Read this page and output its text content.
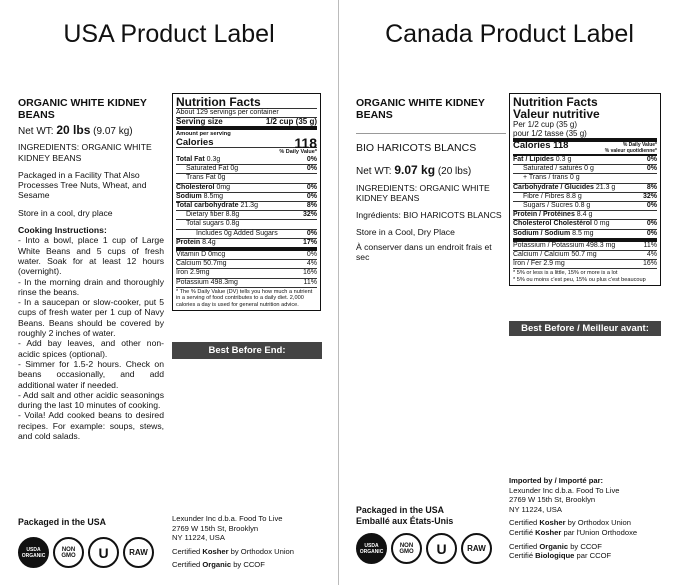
USA Product Label
ORGANIC WHITE KIDNEY BEANS
Net WT: 20 lbs (9.07 kg)
INGREDIENTS: ORGANIC WHITE KIDNEY BEANS
Packaged in a Facility That Also Processes Tree Nuts, Wheat, and Sesame
Store in a cool, dry place
Cooking Instructions:

- Into a bowl, place 1 cup of Large White Beans and 5 cups of fresh water. Soak for at least 12 hours (overnight).

- In the morning drain and thoroughly rinse the beans.

- In a saucepan or slow-cooker, put 5 cups of fresh water per 1 cup of Navy Beans. Beans should be covered by roughly 2 inches of water.

- Add bay leaves, and other non-acidic spices (optional).

- Simmer for 1.5-2 hours. Check on beans occasionally, and add additional water if needed.

- Add salt and other acidic seasonings during the last 10 minutes of cooking.

- Voila! Add cooked beans to desired recipes. For example: soups, stews, and cold salads.

Nutrition Facts
About 129 servings per container
Serving size	1/2 cup (35 g)
Amount per serving
Calories	118
% Daily Value*
Total Fat 0.3g	0%
Saturated Fat 0g	0%
Trans Fat 0g
Cholesterol 0mg	0%
Sodium 8.5mg	0%
Total carbohydrate 21.3g	8%
Dietary fiber 8.8g	32%
Total sugars 0.8g
Includes 0g Added Sugars	0%
Protein 8.4g	17%
Vitamin D 0mcg	0%
Calcium 50.7mg	4%
Iron 2.9mg	16%
Potassium 498.3mg	11%
* The % Daily Value (DV) tells you how much a nutrient in a serving of food contributes to a daily diet. 2,000 calories a day is used for general nutrition advice.
Best Before End:
Packaged in the USA
USDA ORGANIC
NON GMO	U	RAW
Lexunder Inc d.b.a. Food To Live
2769 W 15th St, Brooklyn
NY 11224, USA
Certified Kosher by Orthodox Union
Certified Organic by CCOF
Canada Product Label
ORGANIC WHITE KIDNEY BEANS
BIO HARICOTS BLANCS
Net WT: 9.07 kg (20 lbs)
INGREDIENTS: ORGANIC WHITE KIDNEY BEANS
Ingrédients: BIO HARICOTS BLANCS
Store in a Cool, Dry Place
À conserver dans un endroit frais et sec
Nutrition Facts
Valeur nutritive
Per 1/2 cup (35 g)
pour 1/2 tasse (35 g)
Calories 118	% Daily Value*
% valeur quotidienne*
Fat / Lipides 0.3 g	0%
Saturated / saturés 0 g	0%
+ Trans / trans 0 g
Carbohydrate / Glucides 21.3 g	8%
Fibre / Fibres 8.8 g	32%
Sugars / Sucres 0.8 g	0%
Protein / Protéines 8.4 g
Cholesterol Cholestérol 0 mg	0%
Sodium / Sodium 8.5 mg	0%
Potassium / Potassium 498.3 mg	11%
Calcium / Calcium 50.7 mg	4%
Iron / Fer 2.9 mg	16%
* 5% or less is a little, 15% or more is a lot
* 5% ou moins c'est peu, 15% ou plus c'est beaucoup
Best Before / Meilleur avant:
Packaged in the USA
Emballé aux États-Unis
USDA ORGANIC
NON GMO	U	RAW
Imported by / Importé par:
Lexunder Inc d.b.a. Food To Live
2769 W 15th St, Brooklyn
NY 11224, USA
Certified Kosher by Orthodox Union
Certifié Kosher par l'Union Orthodoxe
Certified Organic by CCOF
Certifié Biologique par CCOF
